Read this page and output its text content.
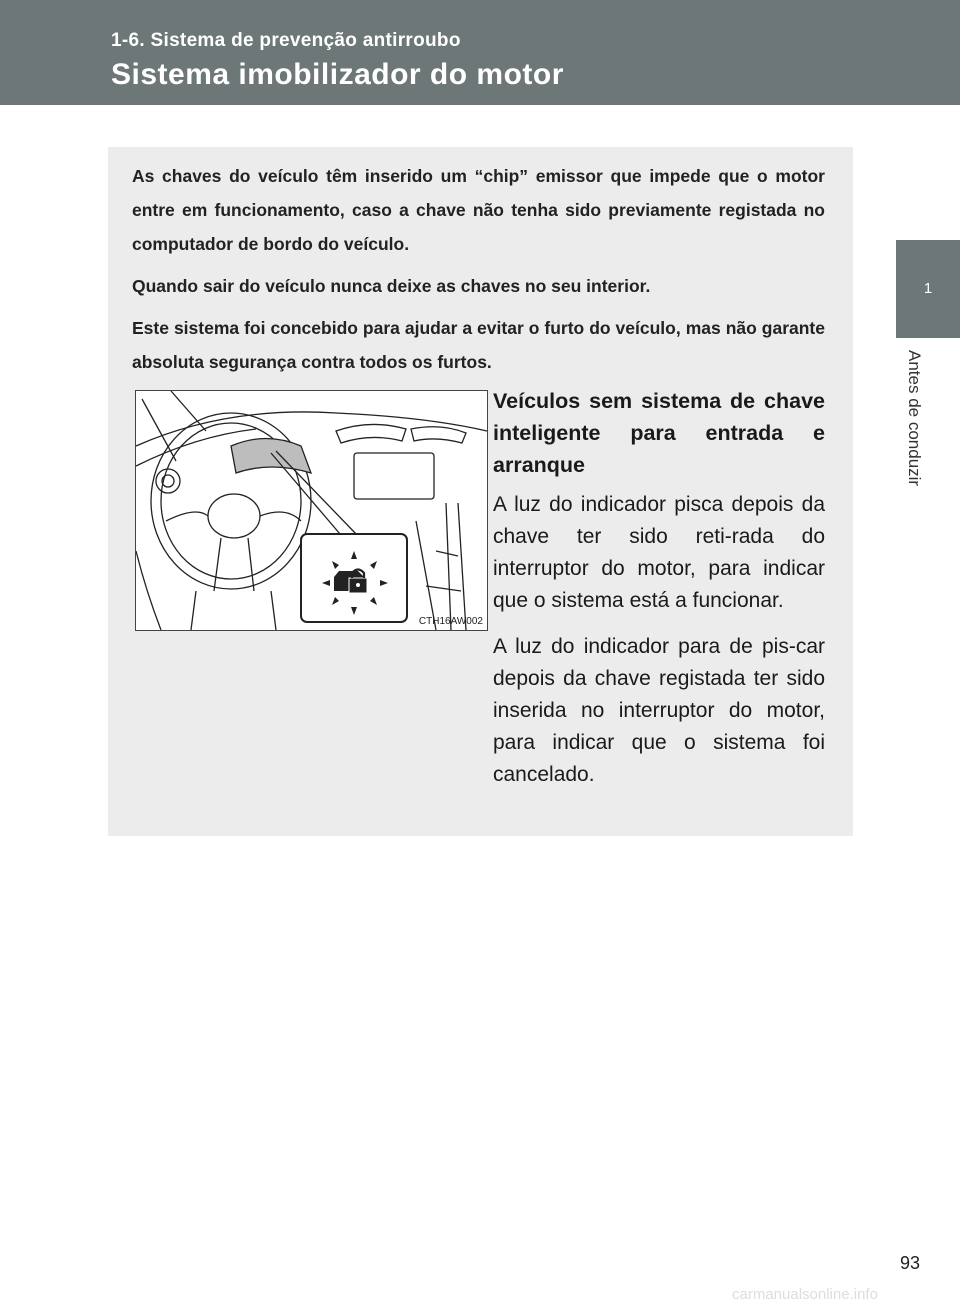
1-6. Sistema de prevenção antirroubo
Sistema imobilizador do motor
1
Antes de conduzir

As chaves do veículo têm inserido um “chip” emissor que impede que o motor entre em funcionamento, caso a chave não tenha sido previamente registada no computador de bordo do veículo.

Quando sair do veículo nunca deixe as chaves no seu interior.

Este sistema foi concebido para ajudar a evitar o furto do veículo, mas não garante absoluta segurança contra todos os furtos.

CTH16AW002
Veículos sem sistema de chave inteligente para entrada e arranque

A luz do indicador pisca depois da chave ter sido reti-rada do interruptor do motor, para indicar que o sistema está a funcionar.

A luz do indicador para de pis-car depois da chave registada ter sido inserida no interruptor do motor, para indicar que o sistema foi cancelado.

93
carmanualsonline.info
